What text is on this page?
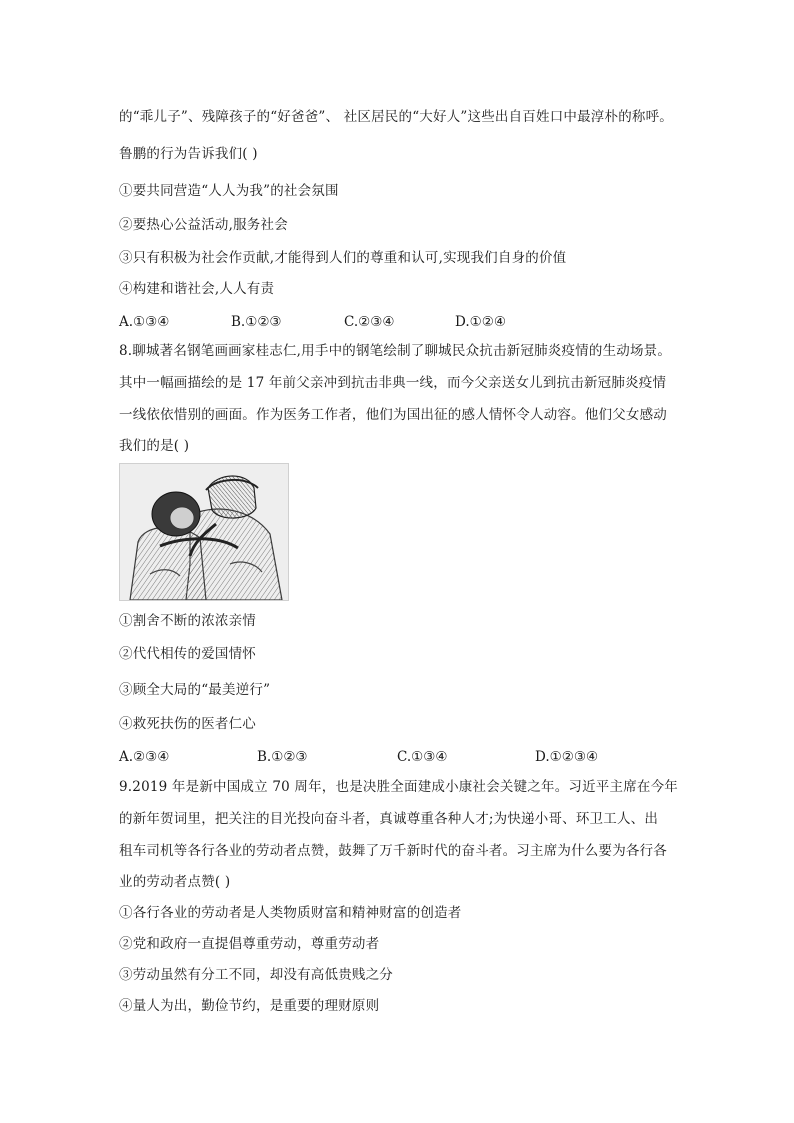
的“乖儿子”、残障孩子的“好爸爸”、 社区居民的“大好人”这些出自百姓口中最淳朴的称呼。
鲁鹏的行为告诉我们( )
①要共同营造“人人为我”的社会氛围
②要热心公益活动,服务社会
③只有积极为社会作贡献,才能得到人们的尊重和认可,实现我们自身的价值
④构建和谐社会,人人有责
A.①③④	B.①②③	C.②③④	D.①②④
8.聊城著名钢笔画画家桂志仁,用手中的钢笔绘制了聊城民众抗击新冠肺炎疫情的生动场景。
其中一幅画描绘的是 17 年前父亲冲到抗击非典一线，而今父亲送女儿到抗击新冠肺炎疫情
一线依依惜别的画面。作为医务工作者，他们为国出征的感人情怀令人动容。他们父女感动
我们的是( )
①割舍不断的浓浓亲情
②代代相传的爱国情怀
③顾全大局的“最美逆行”
④救死扶伤的医者仁心
A.②③④	B.①②③	C.①③④	D.①②③④
9.2019 年是新中国成立 70 周年，也是决胜全面建成小康社会关键之年。习近平主席在今年
的新年贺词里，把关注的目光投向奋斗者，真诚尊重各种人才;为快递小哥、环卫工人、出
租车司机等各行各业的劳动者点赞，鼓舞了万千新时代的奋斗者。习主席为什么要为各行各
业的劳动者点赞( )
①各行各业的劳动者是人类物质财富和精神财富的创造者
②党和政府一直提倡尊重劳动，尊重劳动者
③劳动虽然有分工不同，却没有高低贵贱之分
④量人为出，勤俭节约，是重要的理财原则
